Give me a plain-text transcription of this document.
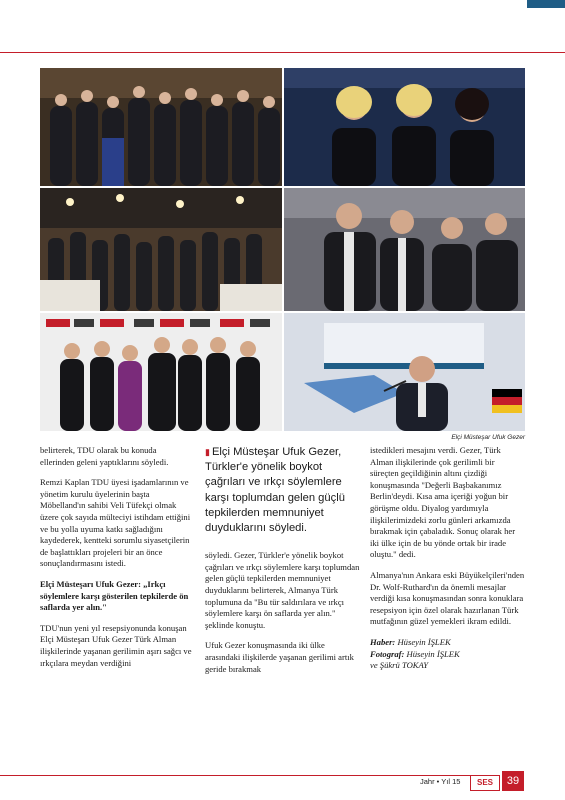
Elçi Müsteşar Ufuk Gezer

belirterek, TDU olarak bu konuda ellerinden geleni yaptıklarını söyledi.

Remzi Kaplan TDU üyesi işadamlarının ve yönetim kurulu üyelerinin başta Möbelland'ın sahibi Veli Tüfekçi olmak üzere çok sayıda mülteciyi istihdam ettiğini ve bu yolla uyuma katkı sağladığını kaydederek, kentteki sorumlu siyasetçilerin de başlattıkları projeleri bir an önce sonuçlandırmasını istedi.

Elçi Müsteşarı Ufuk Gezer: „Irkçı söylemlere karşı gösterilen tepkilerde ön saflarda yer alın."

TDU'nun yeni yıl resepsiyonunda konuşan Elçi Müsteşarı Ufuk Gezer Türk Alman ilişkilerinde yaşanan gerilimin aşırı sağcı ve ırkçılara meydan verdiğini

▮ Elçi Müsteşar Ufuk Gezer, Türkler'e yönelik boykot çağrıları ve ırkçı söylemlere karşı toplumdan gelen güçlü tepkilerden memnuniyet duyduklarını söyledi.

söyledi. Gezer, Türkler'e yönelik boykot çağrıları ve ırkçı söylemlere karşı toplumdan gelen güçlü tepkilerden memnuniyet duyduklarını belirterek, Almanya Türk toplumuna da "Bu tür saldırılara ve ırkçı söylemlere karşı ön saflarda yer alın." şeklinde konuştu.

Ufuk Gezer konuşmasında iki ülke arasındaki ilişkilerde yaşanan gerilimi artık geride bırakmak

istedikleri mesajını verdi. Gezer, Türk Alman ilişkilerinde çok gerilimli bir süreçten geçildiğinin altını çizdiği konuşmasında "Değerli Başbakanımız Berlin'deydi. Kısa ama içeriği yoğun bir görüşme oldu. Diyalog yardımıyla ilişkilerimizdeki zorlu günleri arkamızda bırakmak için çabaladık. Sonuç olarak her iki ülke için de bu yönde ortak bir irade oluştu." dedi.

Almanya'nın Ankara eski Büyükelçileri'nden Dr. Wolf-Ruthard'ın da önemli mesajlar verdiği kısa konuşmasından sonra konuklara resepsiyon için özel olarak hazırlanan Türk mutfağının güzel yemekleri ikram edildi.

Haber: Hüseyin İŞLEK
Fotograf: Hüseyin İŞLEK
ve Şükrü TOKAY
Jahr • Yıl 15	SES	39
